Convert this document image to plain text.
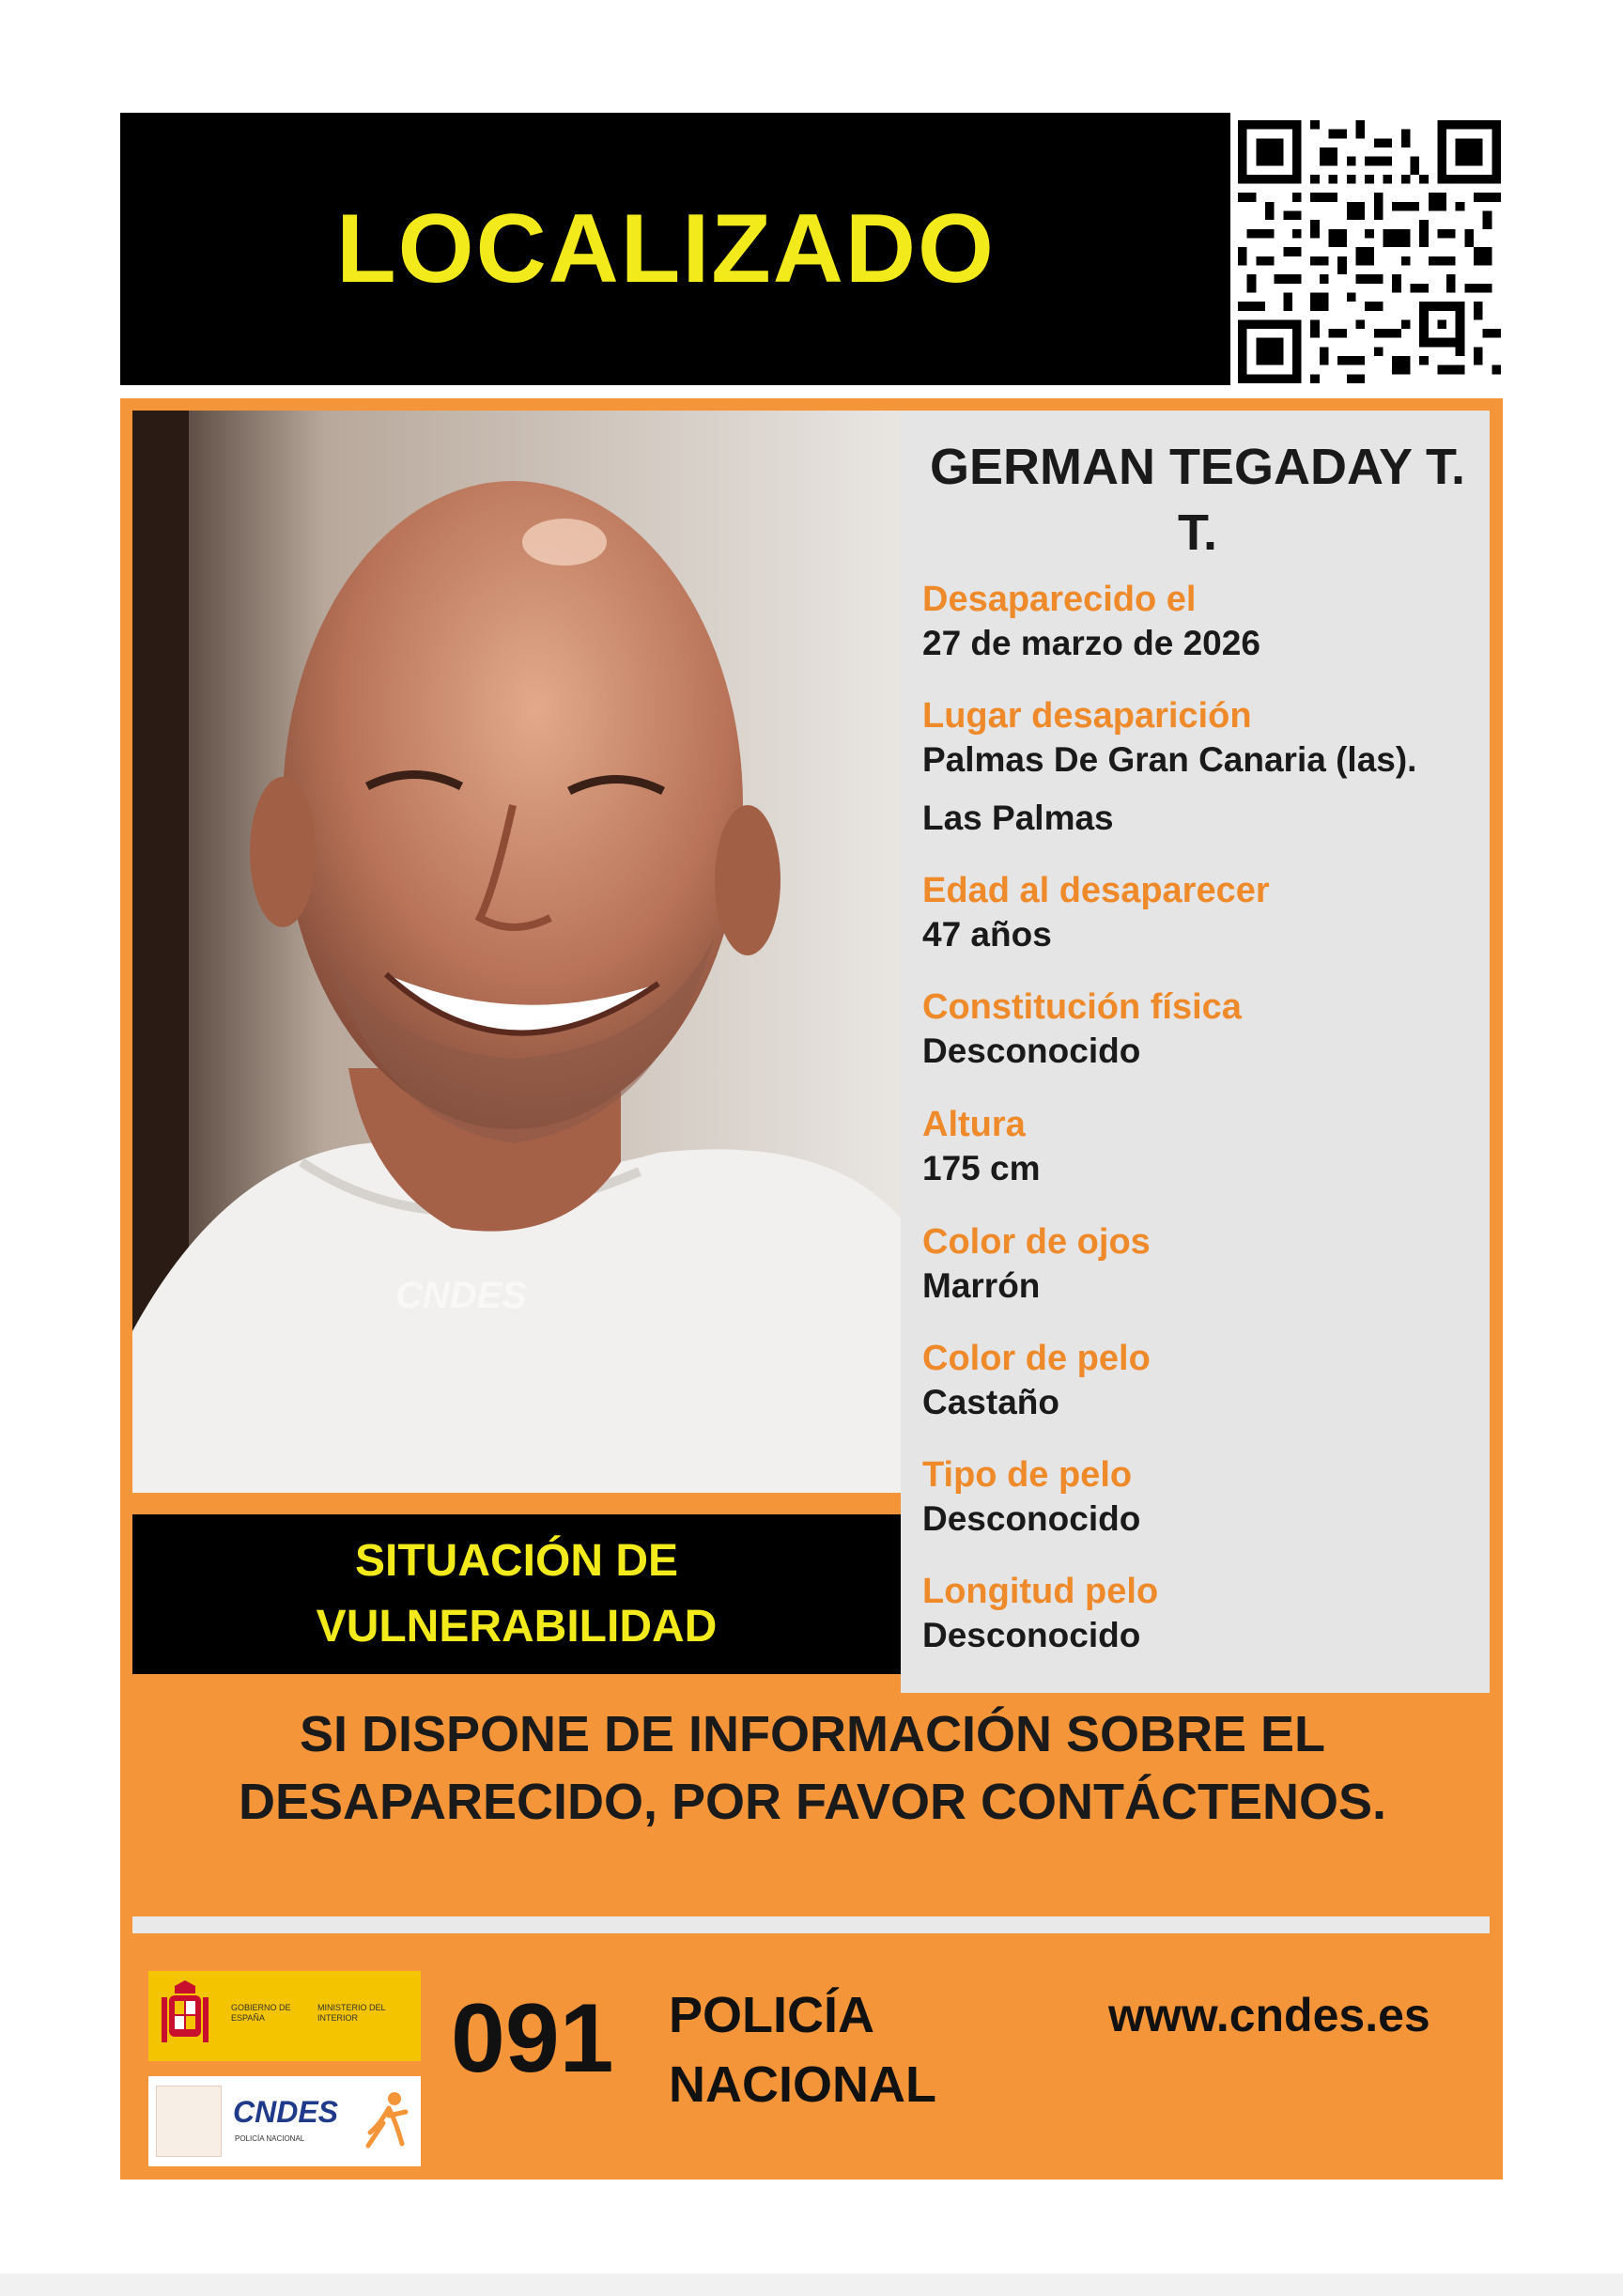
LOCALIZADO
CNDES
GERMAN TEGADAY T. T.
Desaparecido el
27 de marzo de 2026
Lugar desaparición
Palmas De Gran Canaria (las).
Las Palmas
Edad al desaparecer
47 años
Constitución física
Desconocido
Altura
175 cm
Color de ojos
Marrón
Color de pelo
Castaño
Tipo de pelo
Desconocido
Longitud pelo
Desconocido
SITUACIÓN DE VULNERABILIDAD
SI DISPONE DE INFORMACIÓN SOBRE EL
DESAPARECIDO, POR FAVOR CONTÁCTENOS.
GOBIERNO DE ESPAÑA
MINISTERIO DEL INTERIOR
CNDES
POLICÍA NACIONAL
091 POLICÍA
NACIONAL
www.cndes.es
